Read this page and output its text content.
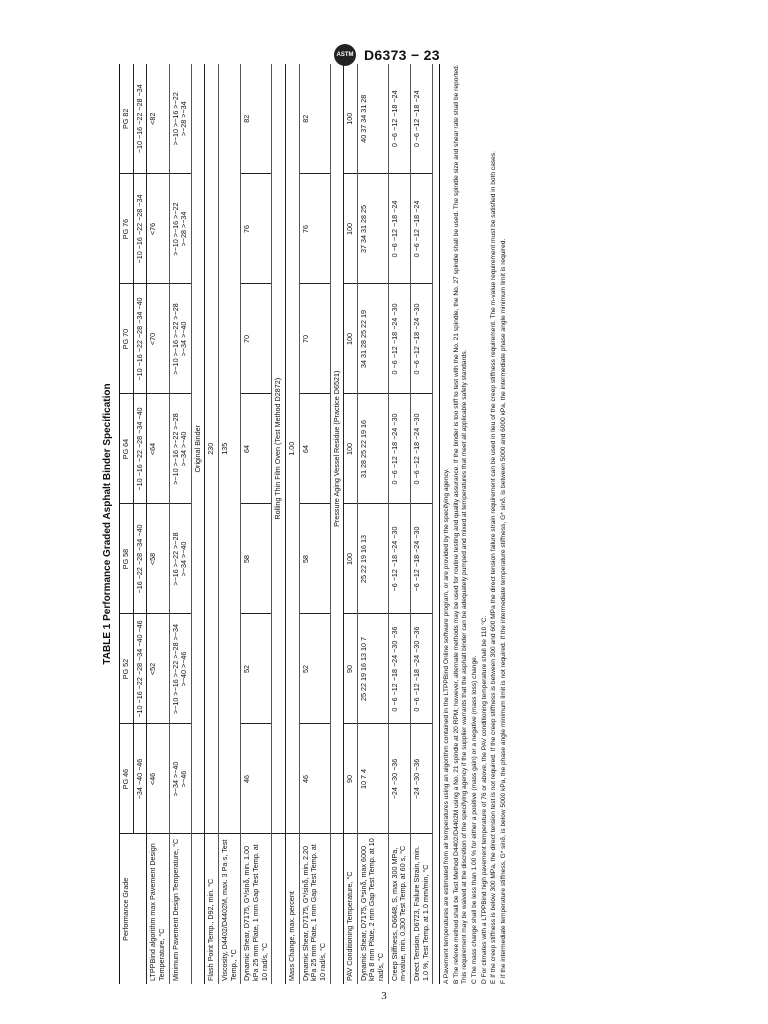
ASTM D6373 − 23
TABLE 1 Performance Graded Asphalt Binder Specification
Performance Grade	PG 46	PG 52	PG 58	PG 64	PG 70	PG 76	PG 82
	−34 −40 −46	−10 −16 −22 −28 −34 −40 −46	−16 −22 −28 −34 −40	−10 −16 −22 −28 −34 −40	−10 −16 −22 −28 −34 −40	−10 −16 −22 −28 −34	−10 −16 −22 −28 −34
LTPPBind algorithm max Pavement Design Temperature, °C	<46	<52	<58	<64	<70	<76	<82
Minimum Pavement Design Temperature, °C	>−34 >−40 >−46	>−10 >−16 >−22 >−28 >−34 >−40 >−46	>−16 >−22 >−28 >−34 >−40	>−10 >−16 >−22 >−28 >−34 >−40	>−10 >−16 >−22 >−28 >−34 >−40	>−10 >−16 >−22 >−28 >−34	>−10 >−16 >−22 >−28 >−34

	Original Binder						
Flash Point Temp., D92, min. °C	230						
Viscosity, D4402/D4402M, max. 3 Pa·s, Test Temp., °C	135						
Dynamic Shear, D7175, G*/sinδ, min. 1.00 kPa 25 mm Plate, 1 mm Gap Test Temp. at 10 rad/s, °C	46	52	58	64	70	76	82
	Rolling Thin Film Oven (Test Method D2872)						
Mass Change, max. percent	1.00						
Dynamic Shear, D7175, G*/sinδ, min. 2.20 kPa 25 mm Plate, 1 mm Gap Test Temp. at 10 rad/s, °C	46	52	58	64	70	76	82
	Pressure Aging Vessel Residue (Practice D6521)						
PAV Conditioning Temperature, °C	90	90	100	100	100	100	100
Dynamic Shear, D7175, G*sinδ, max 6000 kPa 8 mm Plate, 2 mm Gap Test Temp. at 10 rad/s, °C	10 7 4	25 22 19 16 13 10 7	25 22 19 16 13	31 28 25 22 19 16	34 31 28 25 22 19	37 34 31 28 25	40 37 34 31 28
Creep Stiffness, D6648, S, max 300 MPa, m-value, min. 0.300 Test Temp. at 60 s, °C	−24 −30 −36	0 −6 −12 −18 −24 −30 −36	−6 −12 −18 −24 −30	0 −6 −12 −18 −24 −30	0 −6 −12 −18 −24 −30	0 −6 −12 −18 −24	0 −6 −12 −18 −24
Direct Tension, D6723, Failure Strain, min. 1.0 %, Test Temp. at 1.0 mm/min, °C	−24 −30 −36	0 −6 −12 −18 −24 −30 −36	−6 −12 −18 −24 −30	0 −6 −12 −18 −24 −30	0 −6 −12 −18 −24 −30	0 −6 −12 −18 −24	0 −6 −12 −18 −24

A Pavement temperatures are estimated from air temperatures using an algorithm contained in the LTPPBind Online software program, or are provided by the specifying agency. B The referee method shall be Test Method D4402/D4402M using a No. 21 spindle at 20 RPM; however, alternate methods may be used for routine testing and quality assurance. If the binder is too stiff to test with the No. 21 spindle, the No. 27 spindle shall be used. The spindle size and shear rate shall be reported. This requirement may be waived at the discretion of the specifying agency if the supplier warrants that the asphalt binder can be adequately pumped and mixed at temperatures that meet all applicable safety standards. C The mass change shall be less than 1.00 % for either a positive (mass gain) or a negative (mass loss) change. D For climates with a LTPPBind high pavement temperature of 76 or above, the PAV conditioning temperature shall be 110 °C. E If the creep stiffness is below 300 MPa, the direct tension test is not required. If the creep stiffness is between 300 and 600 MPa the direct tension failure strain requirement can be used in lieu of the creep stiffness requirement. The m-value requirement must be satisfied in both cases. F If the intermediate temperature stiffness, G* sinδ, is below 5000 kPa, the phase angle minimum limit is not required. If the intermediate temperature stiffness, G* sinδ, is between 5000 and 6000 kPa, the intermediate phase angle minimum limit is required.

3
